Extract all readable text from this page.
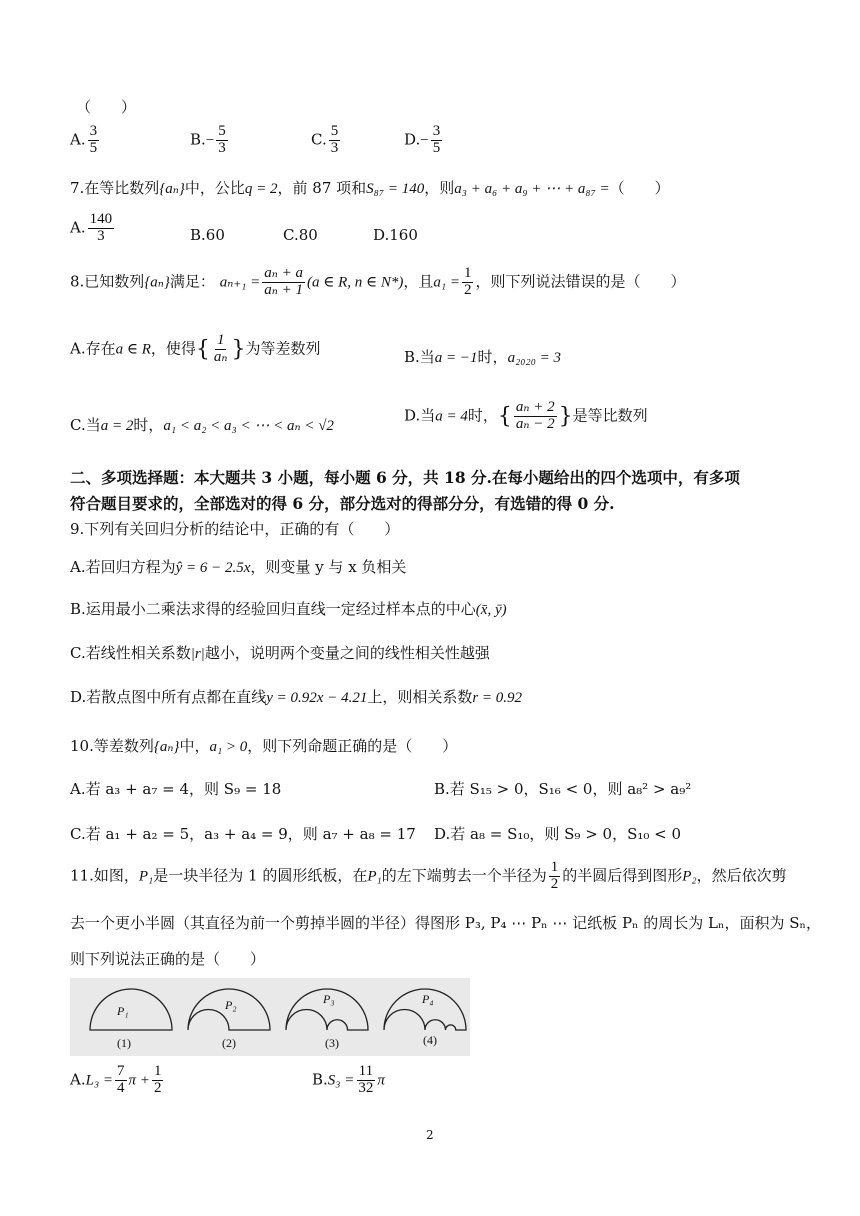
（　　）
A. $\frac{3}{5}$	$B.- \frac{5}{3}$	C. $\frac{5}{3}$	$D.- \frac{3}{5}$
7.在等比数列{aₙ}中，公比q = 2，前 87 项和S₈₇ = 140，则a₃ + a₆ + a₉ + ⋯ + a₈₇ =（　　）
A. $\frac{140}{3}$	B.60	C.80	D.160
8.已知数列{aₙ}满足： $a_{n+1} = \frac{\text{aₙ + a}}{\text{aₙ + 1}} (a$ ∈ R, n ∈ N*)，且$a_1 = \frac{1}{2}$ ，则下列说法错误的是（　　）
A.存在a ∈ R，使得{ $\frac{1}{\text{aₙ}}$ }为等差数列	B.当a = −1时，a₂₀₂₀ = 3
C.当a = 2时，a₁ < a₂ < a₃ < ⋯ < aₙ < √2
D.当a = 4时，{ $\frac{\text{aₙ + 2}}{\text{aₙ − 2}}$ }是等比数列
二、多项选择题：本大题共 3 小题，每小题 6 分，共 18 分.在每小题给出的四个选项中，有多项
符合题目要求的，全部选对的得 6 分，部分选对的得部分分，有选错的得 0 分.
9.下列有关回归分析的结论中，正确的有（　　）
A.若回归方程为ŷ = 6 − 2.5x，则变量 y 与 x 负相关
B.运用最小二乘法求得的经验回归直线一定经过样本点的中心(x̄, ȳ)
C.若线性相关系数|r|越小，说明两个变量之间的线性相关性越强
D.若散点图中所有点都在直线y = 0.92x − 4.21上，则相关系数r = 0.92
10.等差数列{aₙ}中，a₁ > 0，则下列命题正确的是（　　）
A.若 a₃ + a₇ = 4，则 S₉ = 18	B.若 S₁₅ > 0，S₁₆ < 0，则 a₈² > a₉²
C.若 a₁ + a₂ = 5，a₃ + a₄ = 9，则 a₇ + a₈ = 17 D.若 a₈ = S₁₀，则 S₉ > 0，S₁₀ < 0
11.如图，P₁是一块半径为 1 的圆形纸板，在P₁的左下端剪去一个半径为 $\frac{1}{2}$ 的半圆后得到图形P₂，然后依次剪
去一个更小半圆（其直径为前一个剪掉半圆的半径）得图形 P₃, P₄ ⋯ Pₙ ⋯ 记纸板 Pₙ 的周长为 Lₙ，面积为 Sₙ，
则下列说法正确的是（　　）
P₁	P₂	P₃	P₄
(1)	(2)	(3)	(4)
$A.L_3 = \frac{7}{4}$ $\pi + \frac{1}{2}$	$B.S_3 = \frac{11}{32}$ π
2
